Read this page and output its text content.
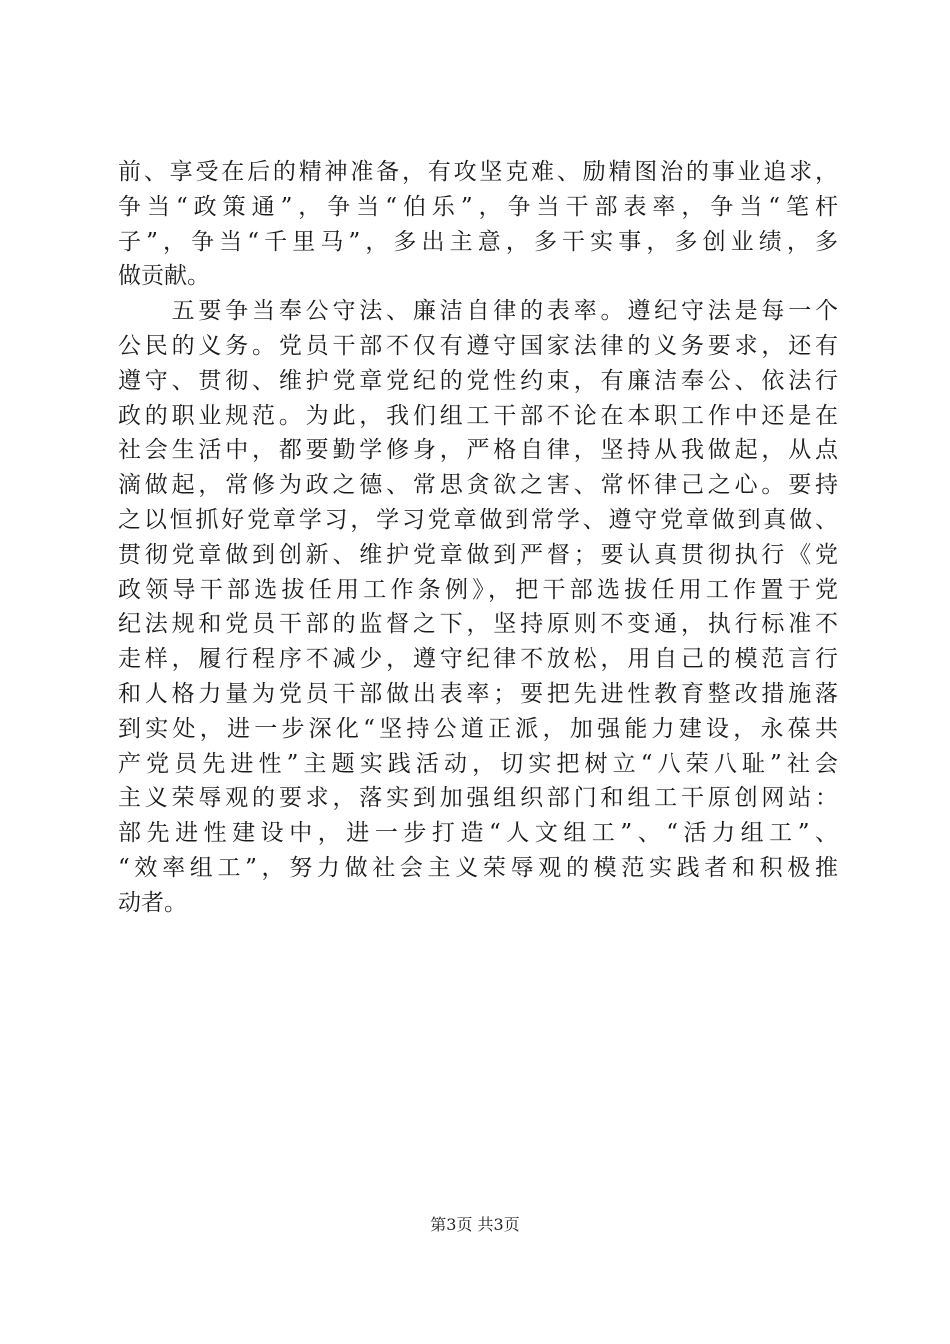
前、享受在后的精神准备，有攻坚克难、励精图治的事业追求，
争当“政策通”，争当“伯乐”，争当干部表率，争当“笔杆
子”，争当“千里马”，多出主意，多干实事，多创业绩，多
做贡献。
　　五要争当奉公守法、廉洁自律的表率。遵纪守法是每一个
公民的义务。党员干部不仅有遵守国家法律的义务要求，还有
遵守、贯彻、维护党章党纪的党性约束，有廉洁奉公、依法行
政的职业规范。为此，我们组工干部不论在本职工作中还是在
社会生活中，都要勤学修身，严格自律，坚持从我做起，从点
滴做起，常修为政之德、常思贪欲之害、常怀律己之心。要持
之以恒抓好党章学习，学习党章做到常学、遵守党章做到真做、
贯彻党章做到创新、维护党章做到严督；要认真贯彻执行《党
政领导干部选拔任用工作条例》，把干部选拔任用工作置于党
纪法规和党员干部的监督之下，坚持原则不变通，执行标准不
走样，履行程序不减少，遵守纪律不放松，用自己的模范言行
和人格力量为党员干部做出表率；要把先进性教育整改措施落
到实处，进一步深化“坚持公道正派，加强能力建设，永葆共
产党员先进性”主题实践活动，切实把树立“八荣八耻”社会
主义荣辱观的要求，落实到加强组织部门和组工干原创网站：
部先进性建设中，进一步打造“人文组工”、“活力组工”、
“效率组工”，努力做社会主义荣辱观的模范实践者和积极推
动者。
第3页 共3页
